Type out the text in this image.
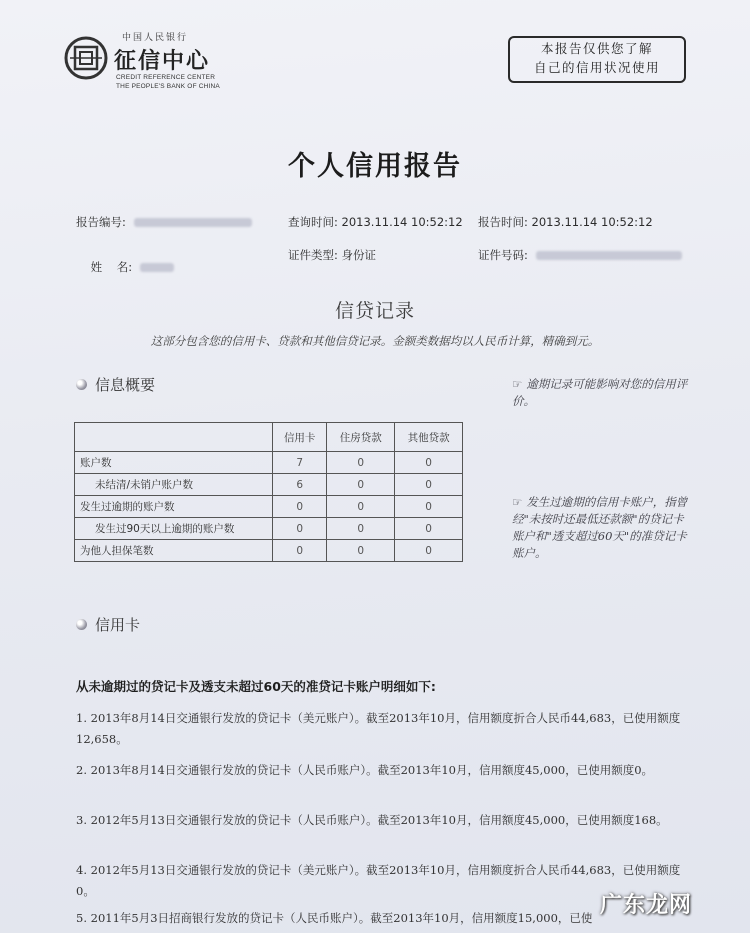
中国人民银行
征信中心
CREDIT REFERENCE CENTER
THE PEOPLE'S BANK OF CHINA
本报告仅供您了解
自己的信用状况使用
个人信用报告
报告编号:	查询时间: 2013.11.14 10:52:12 报告时间: 2013.11.14 10:52:12

姓    名:

证件类型: 身份证	证件号码:
信贷记录
这部分包含您的信用卡、贷款和其他信贷记录。金额类数据均以人民币计算，精确到元。
信息概要	☞ 逾期记录可能影响对您的信用评价。
	信用卡	住房贷款	其他贷款
账户数	7	0	0
未结清/未销户账户数	6	0	0
发生过逾期的账户数	0	0	0
发生过90天以上逾期的账户数	0	0	0
为他人担保笔数	0	0	0
☞ 发生过逾期的信用卡账户，指曾经"未按时还最低还款额"的贷记卡账户和"透支超过60天"的准贷记卡账户。
信用卡
从未逾期过的贷记卡及透支未超过60天的准贷记卡账户明细如下:
1. 2013年8月14日交通银行发放的贷记卡（美元账户）。截至2013年10月，信用额度折合人民币44,683，已使用额度12,658。
2. 2013年8月14日交通银行发放的贷记卡（人民币账户）。截至2013年10月，信用额度45,000，已使用额度0。
3. 2012年5月13日交通银行发放的贷记卡（人民币账户）。截至2013年10月，信用额度45,000，已使用额度168。
4. 2012年5月13日交通银行发放的贷记卡（美元账户）。截至2013年10月，信用额度折合人民币44,683，已使用额度0。
5. 2011年5月3日招商银行发放的贷记卡（人民币账户）。截至2013年10月，信用额度15,000，已使 广东龙网
